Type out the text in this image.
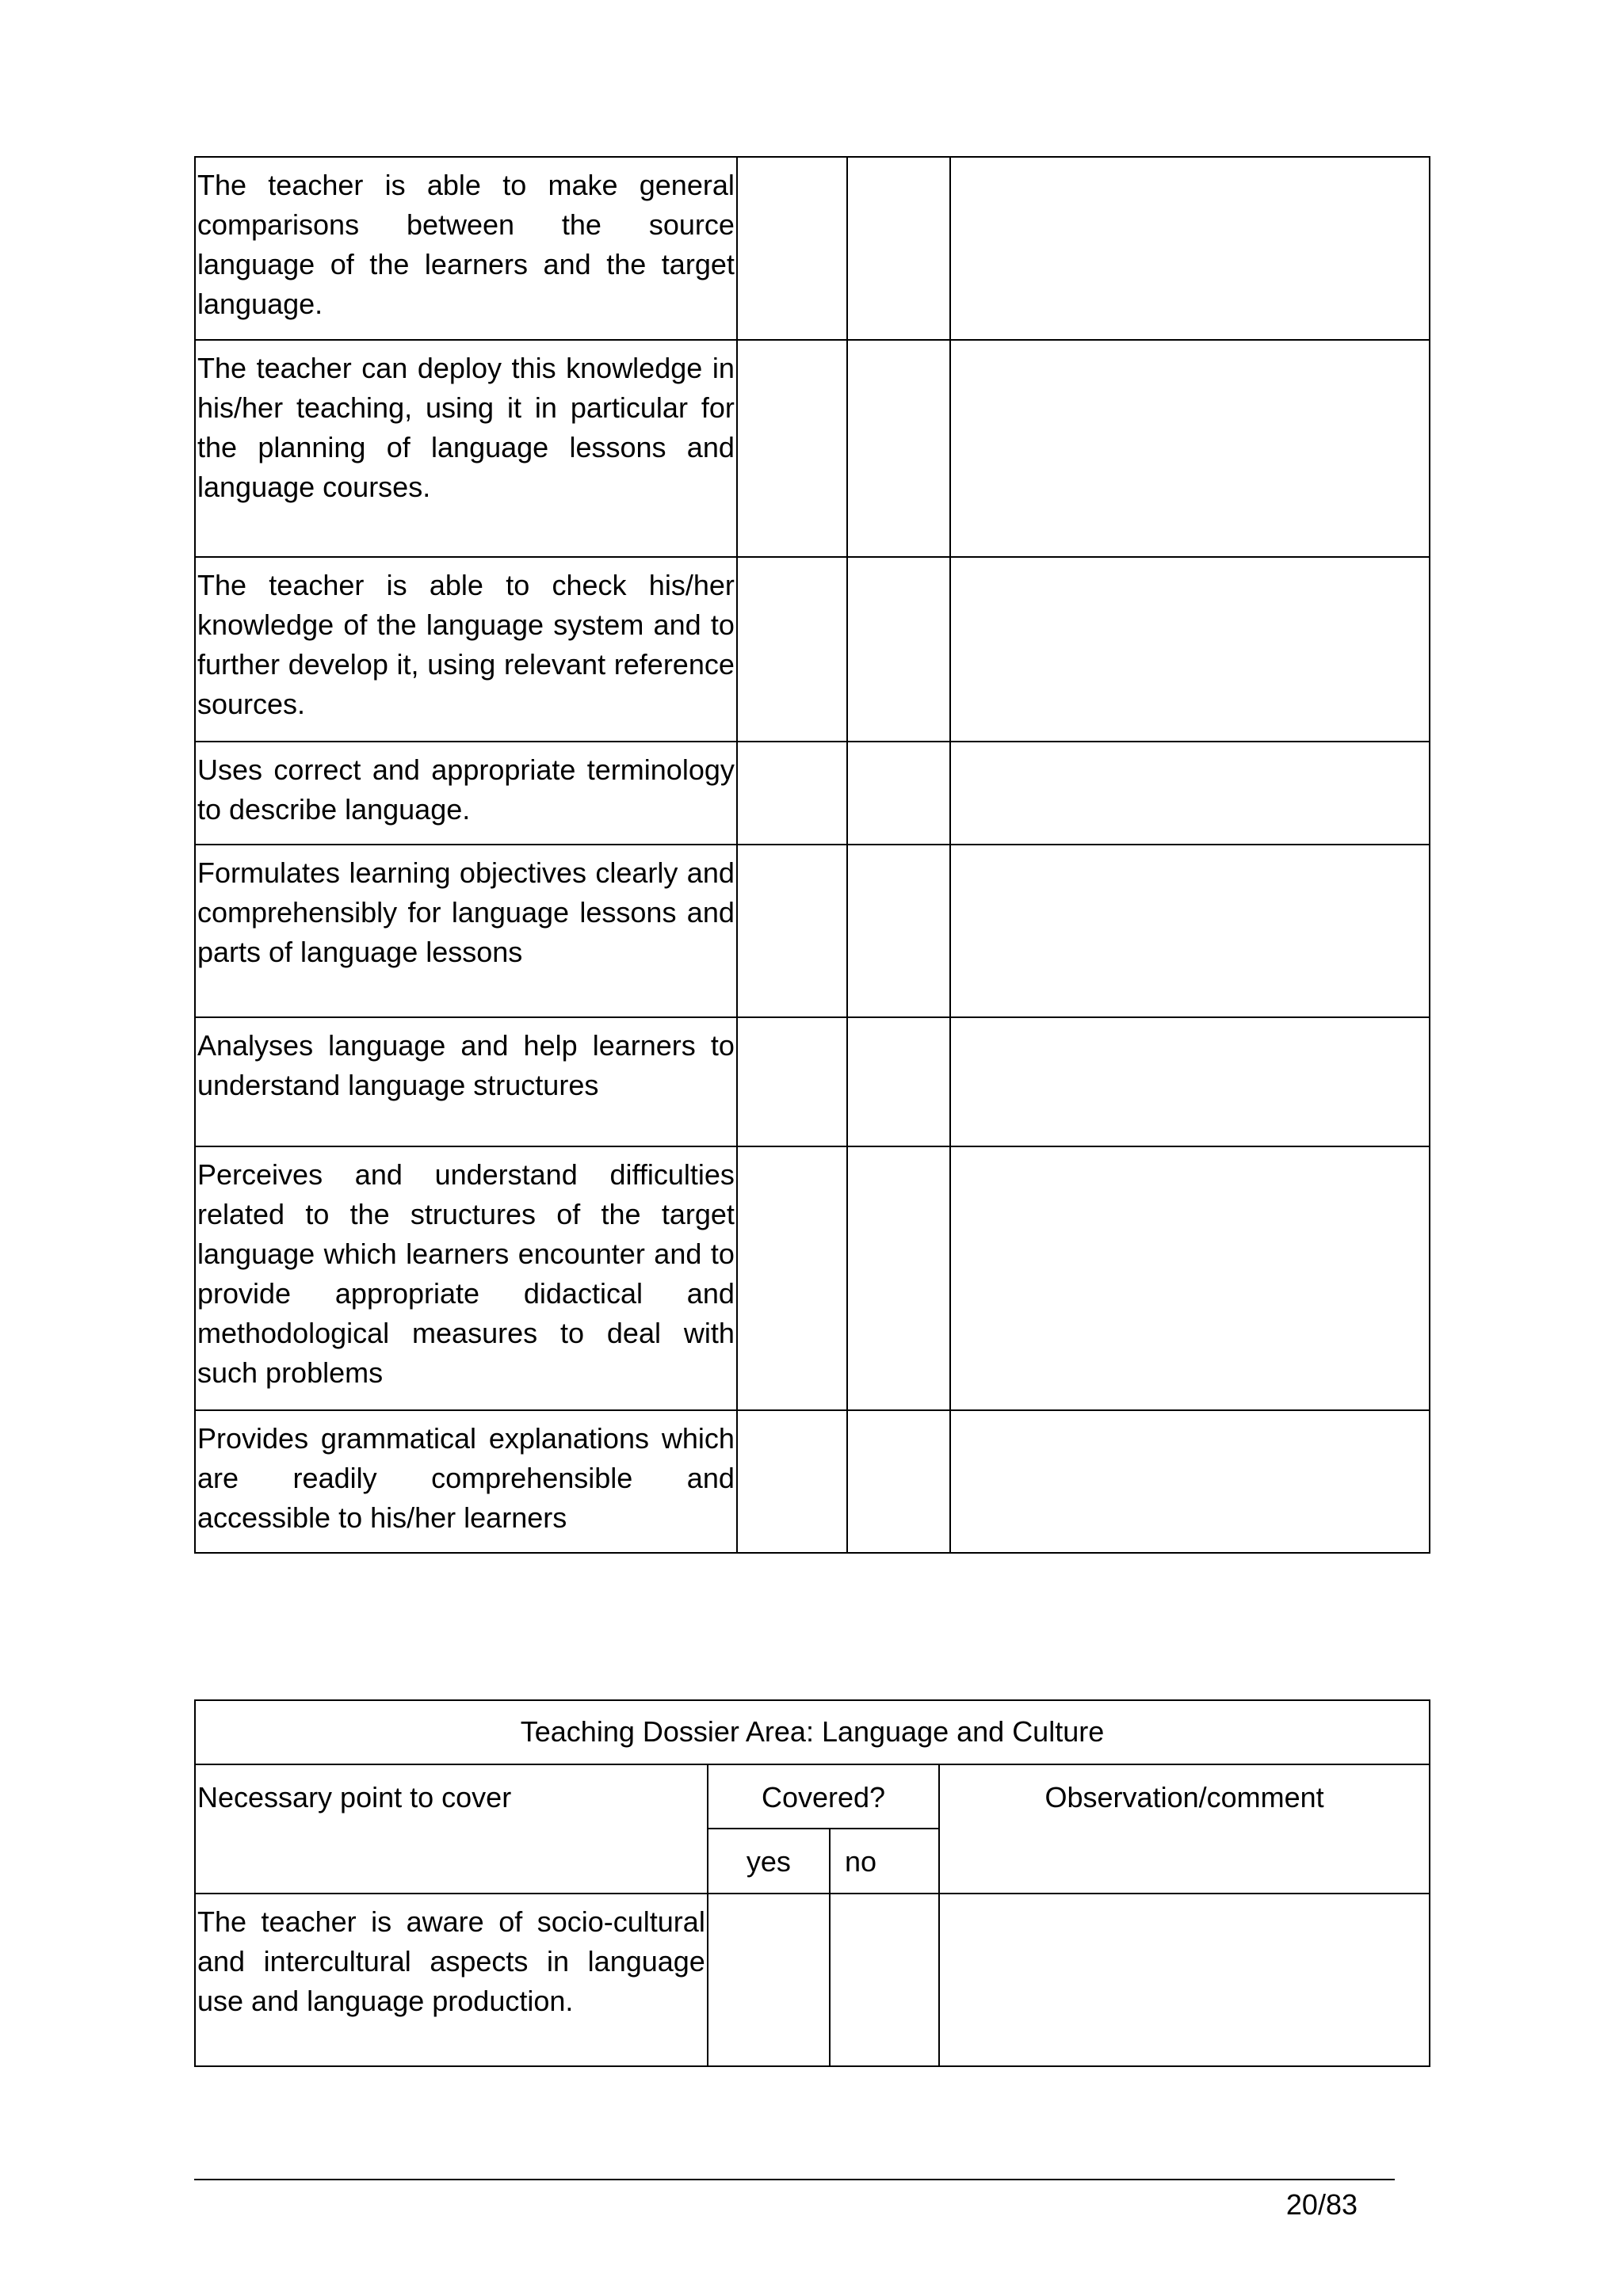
The teacher is able to make general comparisons between the source language of the learners and the target language.			
The teacher can deploy this knowledge in his/her teaching, using it in particular for the planning of language lessons and language courses.			
The teacher is able to check his/her knowledge of the language system and to further develop it, using relevant reference sources.			
Uses correct and appropriate terminology to describe language.			
Formulates learning objectives clearly and comprehensibly for language lessons and parts of language lessons			
Analyses language and help learners to understand language structures			
Perceives and understand difficulties related to the structures of the target language which learners encounter and to provide appropriate didactical and methodological measures to deal with such problems			
Provides grammatical explanations which are readily comprehensible and accessible to his/her learners			
Teaching Dossier Area: Language and Culture			
Necessary point to cover	Covered?		Observation/comment
	yes	no	
The teacher is aware of socio-cultural and intercultural aspects in language use and language production.			
20/83
